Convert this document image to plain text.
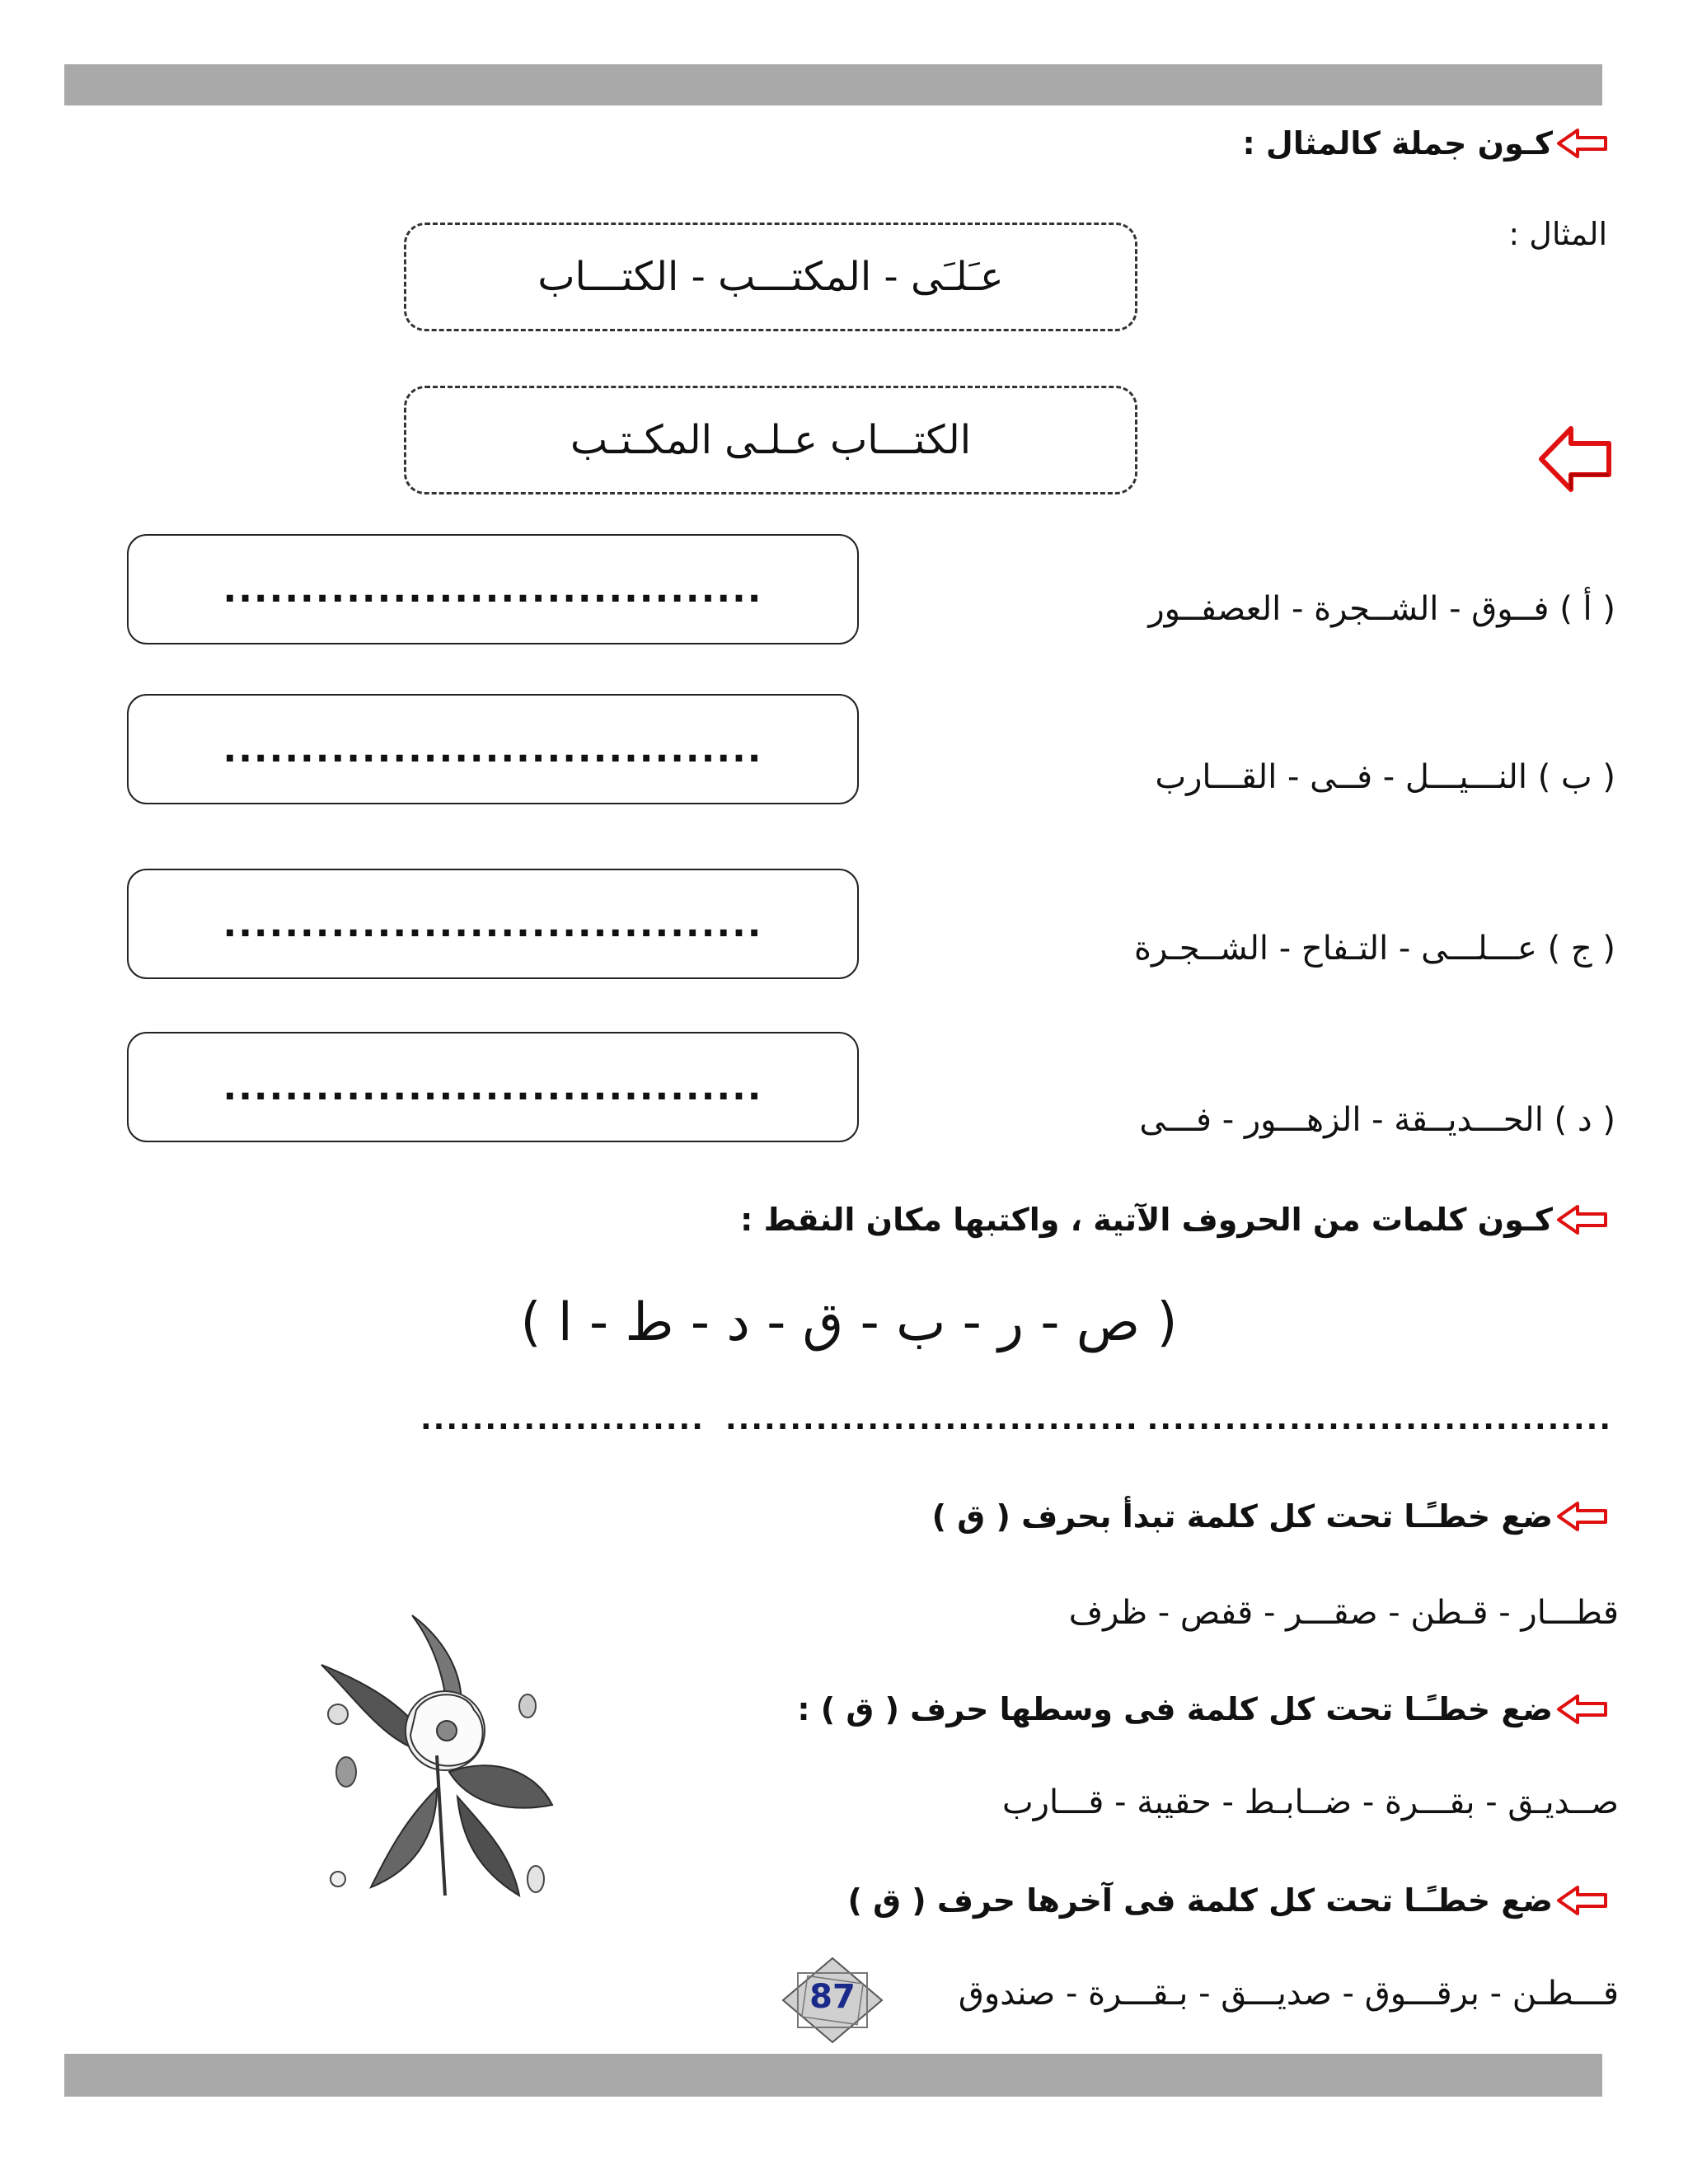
كـون جملة كالمثال :
المثال :
عـَلـَى - المكتـــب - الكتـــاب
الكتـــاب عـلـى المكـتـب
...................................	( أ ) فــوق - الشــجرة - العصفــور
...................................
( ب ) النـــيـــل - فــى - القـــارب
...................................
( ج ) عـــلـــى - التـفاح - الشــجـرة
...................................
( د ) الحـــديــقة - الزهـــور - فـــى
كـون كلمات من الحروف الآتية ، واكتبها مكان النقط :
( ص - ر - ب - ق - د - ط - ا )
....................................
................................
......................
ضع خطـًـا تحت كل كلمة تبدأ بحرف ( ق )
قطـــار - قـطن - صقـــر - قفص - ظرف
ضع خطـًـا تحت كل كلمة فى وسطها حرف ( ق ) :
صــديـق - بقـــرة - ضــابـط - حقيبة - قـــارب
ضع خطـًـا تحت كل كلمة فى آخرها حرف ( ق )
قـــطـن - برقـــوق - صديـــق - بـقـــرة - صندوق
87
